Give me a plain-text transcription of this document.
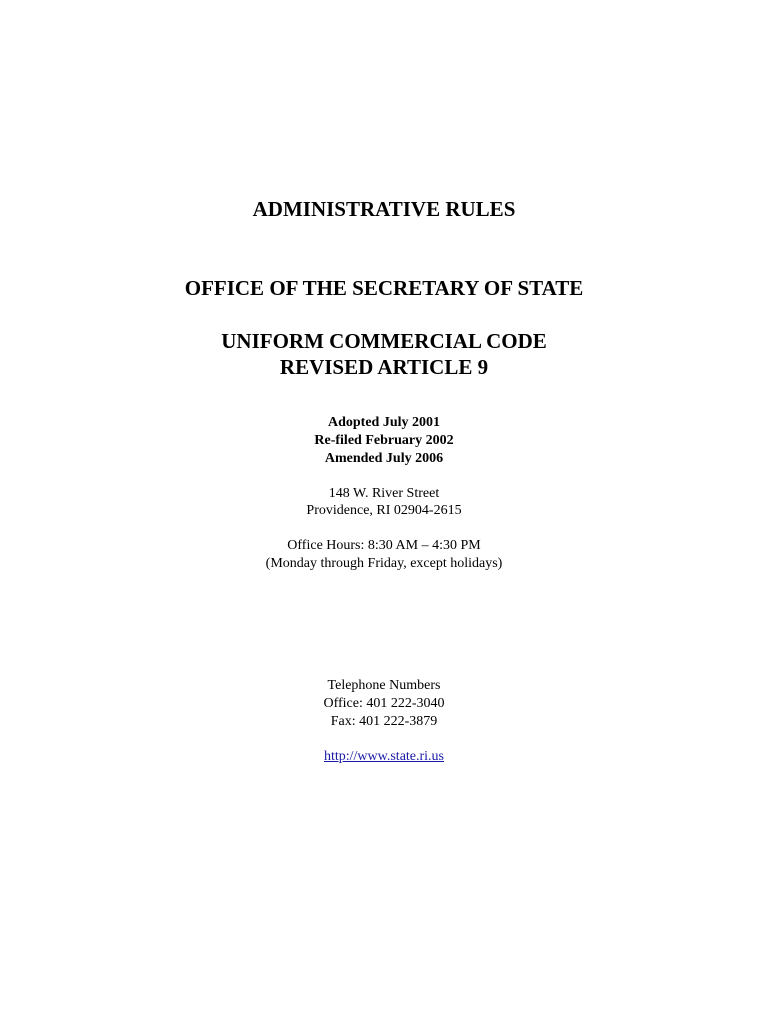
ADMINISTRATIVE RULES
OFFICE OF THE SECRETARY OF STATE
UNIFORM COMMERCIAL CODE
REVISED ARTICLE 9
Adopted July 2001
Re-filed February 2002
Amended July 2006
148 W. River Street
Providence, RI 02904-2615
Office Hours: 8:30 AM – 4:30 PM
(Monday through Friday, except holidays)
Telephone Numbers
Office: 401 222-3040
Fax: 401 222-3879
http://www.state.ri.us
